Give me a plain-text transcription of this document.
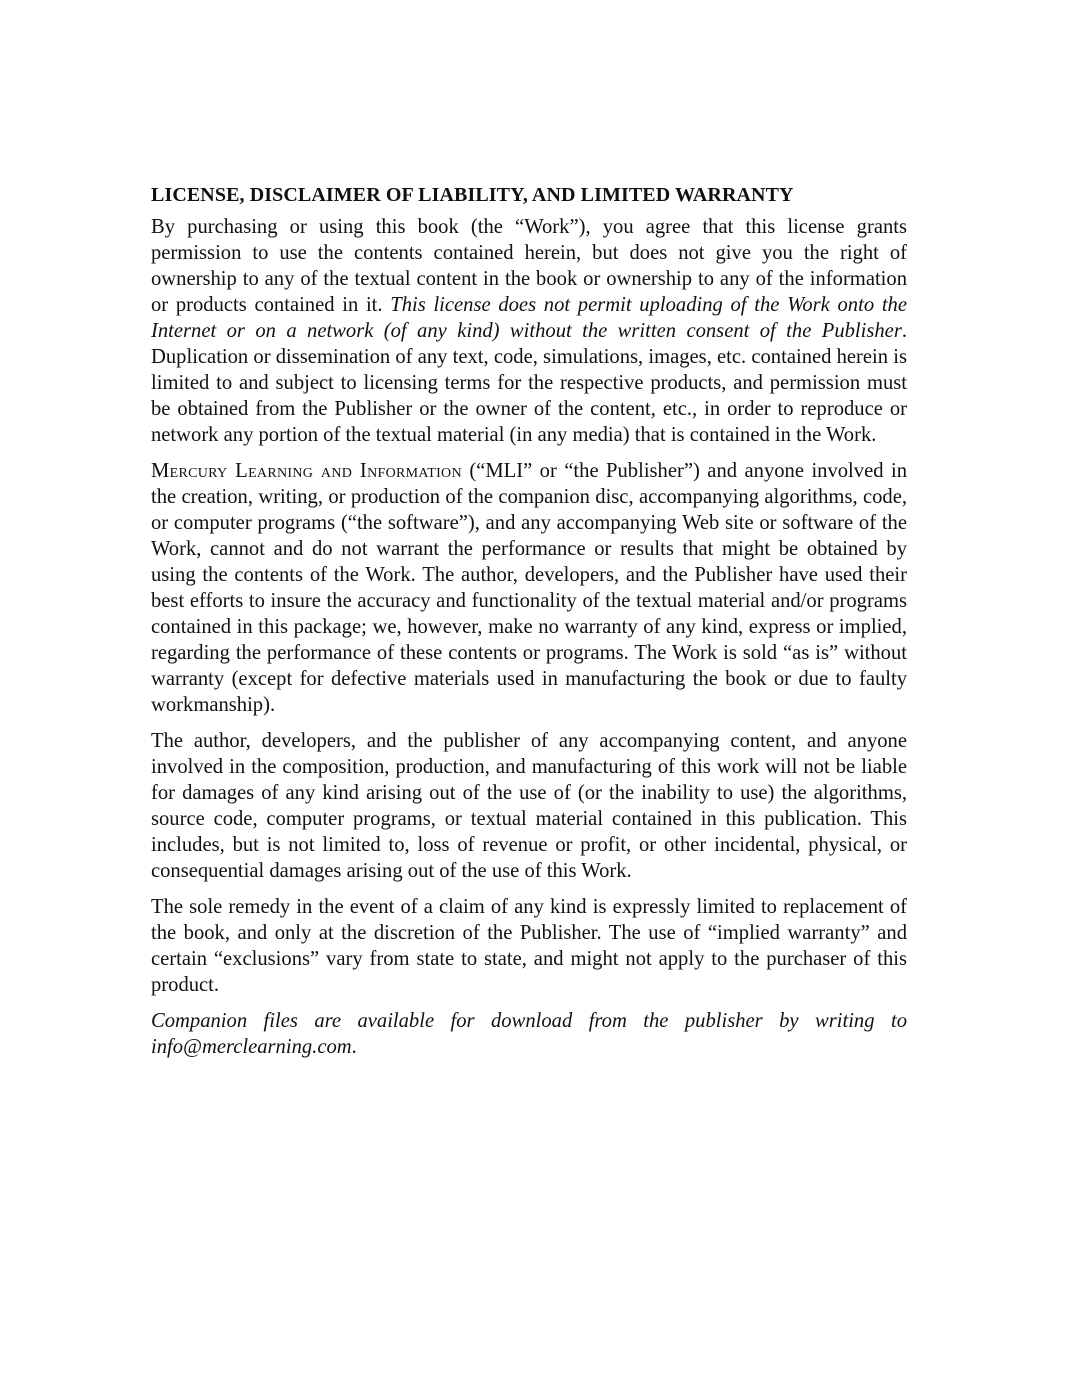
LICENSE, DISCLAIMER OF LIABILITY, AND LIMITED WARRANTY

By purchasing or using this book (the “Work”), you agree that this license grants permission to use the contents contained herein, but does not give you the right of ownership to any of the textual content in the book or ownership to any of the information or products contained in it. This license does not permit uploading of the Work onto the Internet or on a network (of any kind) without the written consent of the Publisher. Duplication or dissemination of any text, code, simulations, images, etc. contained herein is limited to and subject to licensing terms for the respective products, and permission must be obtained from the Publisher or the owner of the content, etc., in order to reproduce or network any portion of the textual material (in any media) that is contained in the Work.

Mercury Learning and Information (“MLI” or “the Publisher”) and anyone involved in the creation, writing, or production of the companion disc, accompanying algorithms, code, or computer programs (“the software”), and any accompanying Web site or software of the Work, cannot and do not warrant the performance or results that might be obtained by using the contents of the Work. The author, developers, and the Publisher have used their best efforts to insure the accuracy and functionality of the textual material and/or programs contained in this package; we, however, make no warranty of any kind, express or implied, regarding the performance of these contents or programs. The Work is sold “as is” without warranty (except for defective materials used in manufacturing the book or due to faulty workmanship).

The author, developers, and the publisher of any accompanying content, and anyone involved in the composition, production, and manufacturing of this work will not be liable for damages of any kind arising out of the use of (or the inability to use) the algorithms, source code, computer programs, or textual material contained in this publication. This includes, but is not limited to, loss of revenue or profit, or other incidental, physical, or consequential damages arising out of the use of this Work.

The sole remedy in the event of a claim of any kind is expressly limited to replacement of the book, and only at the discretion of the Publisher. The use of “implied warranty” and certain “exclusions” vary from state to state, and might not apply to the purchaser of this product.

Companion files are available for download from the publisher by writing to info@merclearning.com.
